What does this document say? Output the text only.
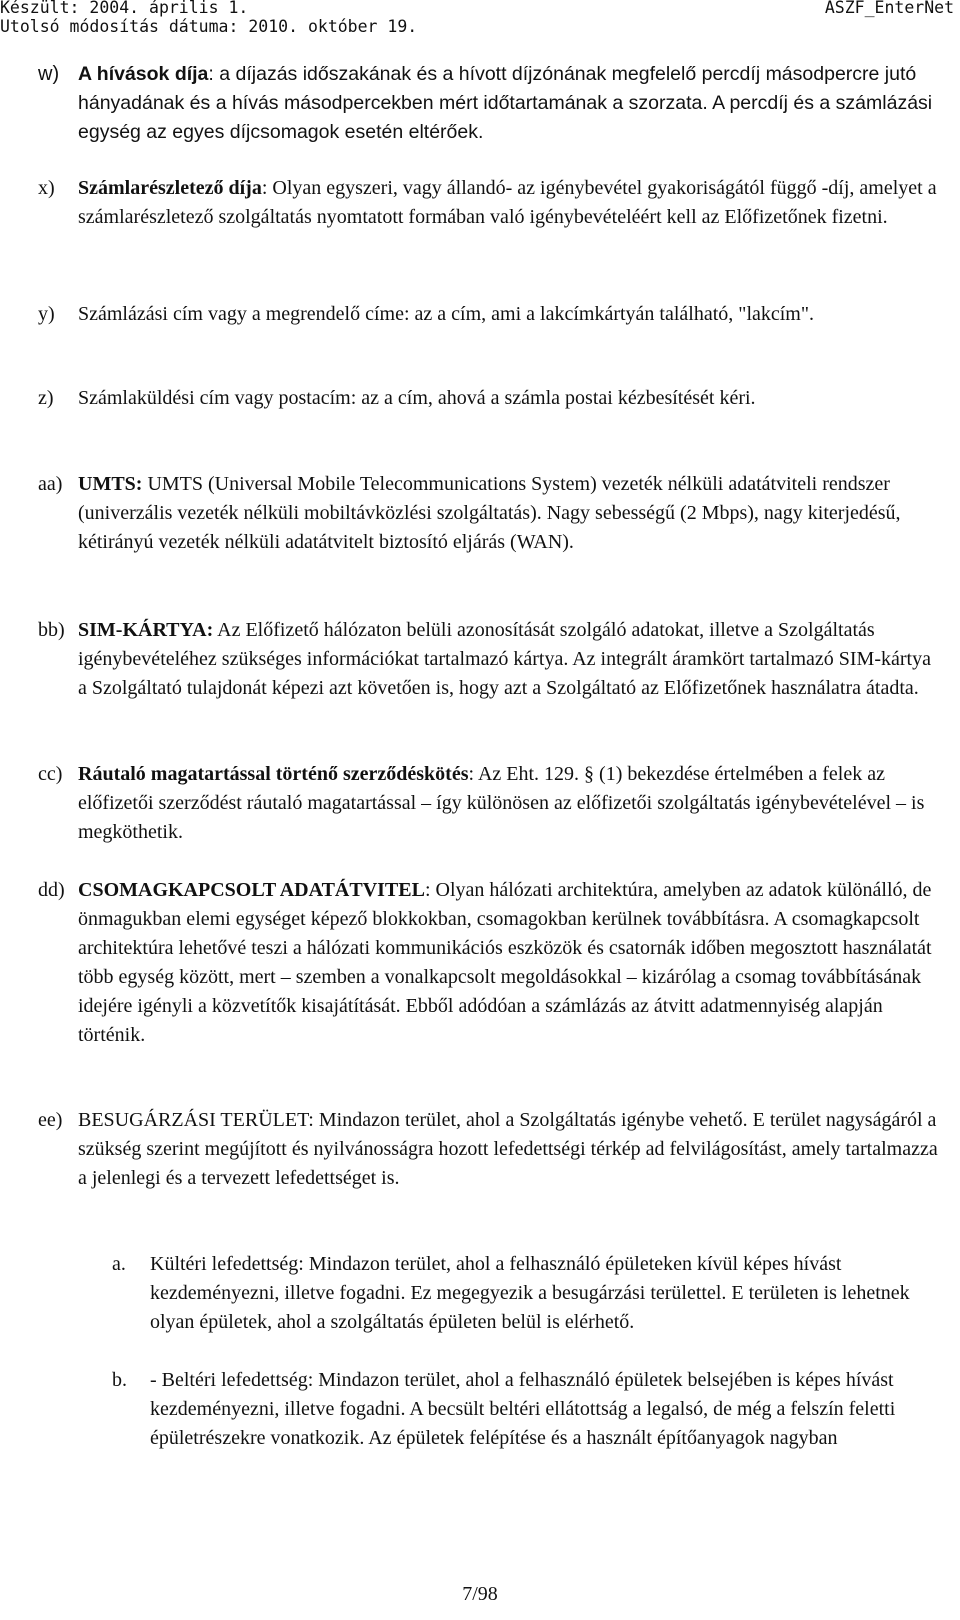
Készült: 2004. április 1.
Utolsó módosítás dátuma: 2010. október 19.
ASZF_EnterNet
w) A hívások díja: a díjazás időszakának és a hívott díjzónának megfelelő percdíj másodpercre jutó hányadának és a hívás másodpercekben mért időtartamának a szorzata. A percdíj és a számlázási egység az egyes díjcsomagok esetén eltérőek.
x) Számlarészletező díja: Olyan egyszeri, vagy állandó- az igénybevétel gyakoriságától függő -díj, amelyet a számlarészletező szolgáltatás nyomtatott formában való igénybevételéért kell az Előfizetőnek fizetni.
y) Számlázási cím vagy a megrendelő címe: az a cím, ami a lakcímkártyán található, "lakcím".
z) Számlaküldési cím vagy postacím: az a cím, ahová a számla postai kézbesítését kéri.
aa) UMTS: UMTS (Universal Mobile Telecommunications System) vezeték nélküli adatátviteli rendszer (univerzális vezeték nélküli mobiltávközlési szolgáltatás). Nagy sebességű (2 Mbps), nagy kiterjedésű, kétirányú vezeték nélküli adatátvitelt biztosító eljárás (WAN).
bb) SIM-KÁRTYA: Az Előfizető hálózaton belüli azonosítását szolgáló adatokat, illetve a Szolgáltatás igénybevételéhez szükséges információkat tartalmazó kártya. Az integrált áramkört tartalmazó SIM-kártya a Szolgáltató tulajdonát képezi azt követően is, hogy azt a Szolgáltató az Előfizetőnek használatra átadta.
cc) Ráutaló magatartással történő szerződéskötés: Az Eht. 129. § (1) bekezdése értelmében a felek az előfizetői szerződést ráutaló magatartással – így különösen az előfizetői szolgáltatás igénybevételével – is megköthetik.
dd) CSOMAGKAPCSOLT ADATÁTVITEL: Olyan hálózati architektúra, amelyben az adatok különálló, de önmagukban elemi egységet képező blokkokban, csomagokban kerülnek továbbításra. A csomagkapcsolt architektúra lehetővé teszi a hálózati kommunikációs eszközök és csatornák időben megosztott használatát több egység között, mert – szemben a vonalkapcsolt megoldásokkal – kizárólag a csomag továbbításának idejére igényli a közvetítők kisajátítását. Ebből adódóan a számlázás az átvitt adatmennyiség alapján történik.
ee) BESUGÁRZÁSI TERÜLET: Mindazon terület, ahol a Szolgáltatás igénybe vehető. E terület nagyságáról a szükség szerint megújított és nyilvánosságra hozott lefedettségi térkép ad felvilágosítást, amely tartalmazza a jelenlegi és a tervezett lefedettséget is.
a. Kültéri lefedettség: Mindazon terület, ahol a felhasználó épületeken kívül képes hívást kezdeményezni, illetve fogadni. Ez megegyezik a besugárzási területtel. E területen is lehetnek olyan épületek, ahol a szolgáltatás épületen belül is elérhető.
b. - Beltéri lefedettség: Mindazon terület, ahol a felhasználó épületek belsejében is képes hívást kezdeményezni, illetve fogadni. A becsült beltéri ellátottság a legalsó, de még a felszín feletti épületrészekre vonatkozik. Az épületek felépítése és a használt építőanyagok nagyban
7/98
